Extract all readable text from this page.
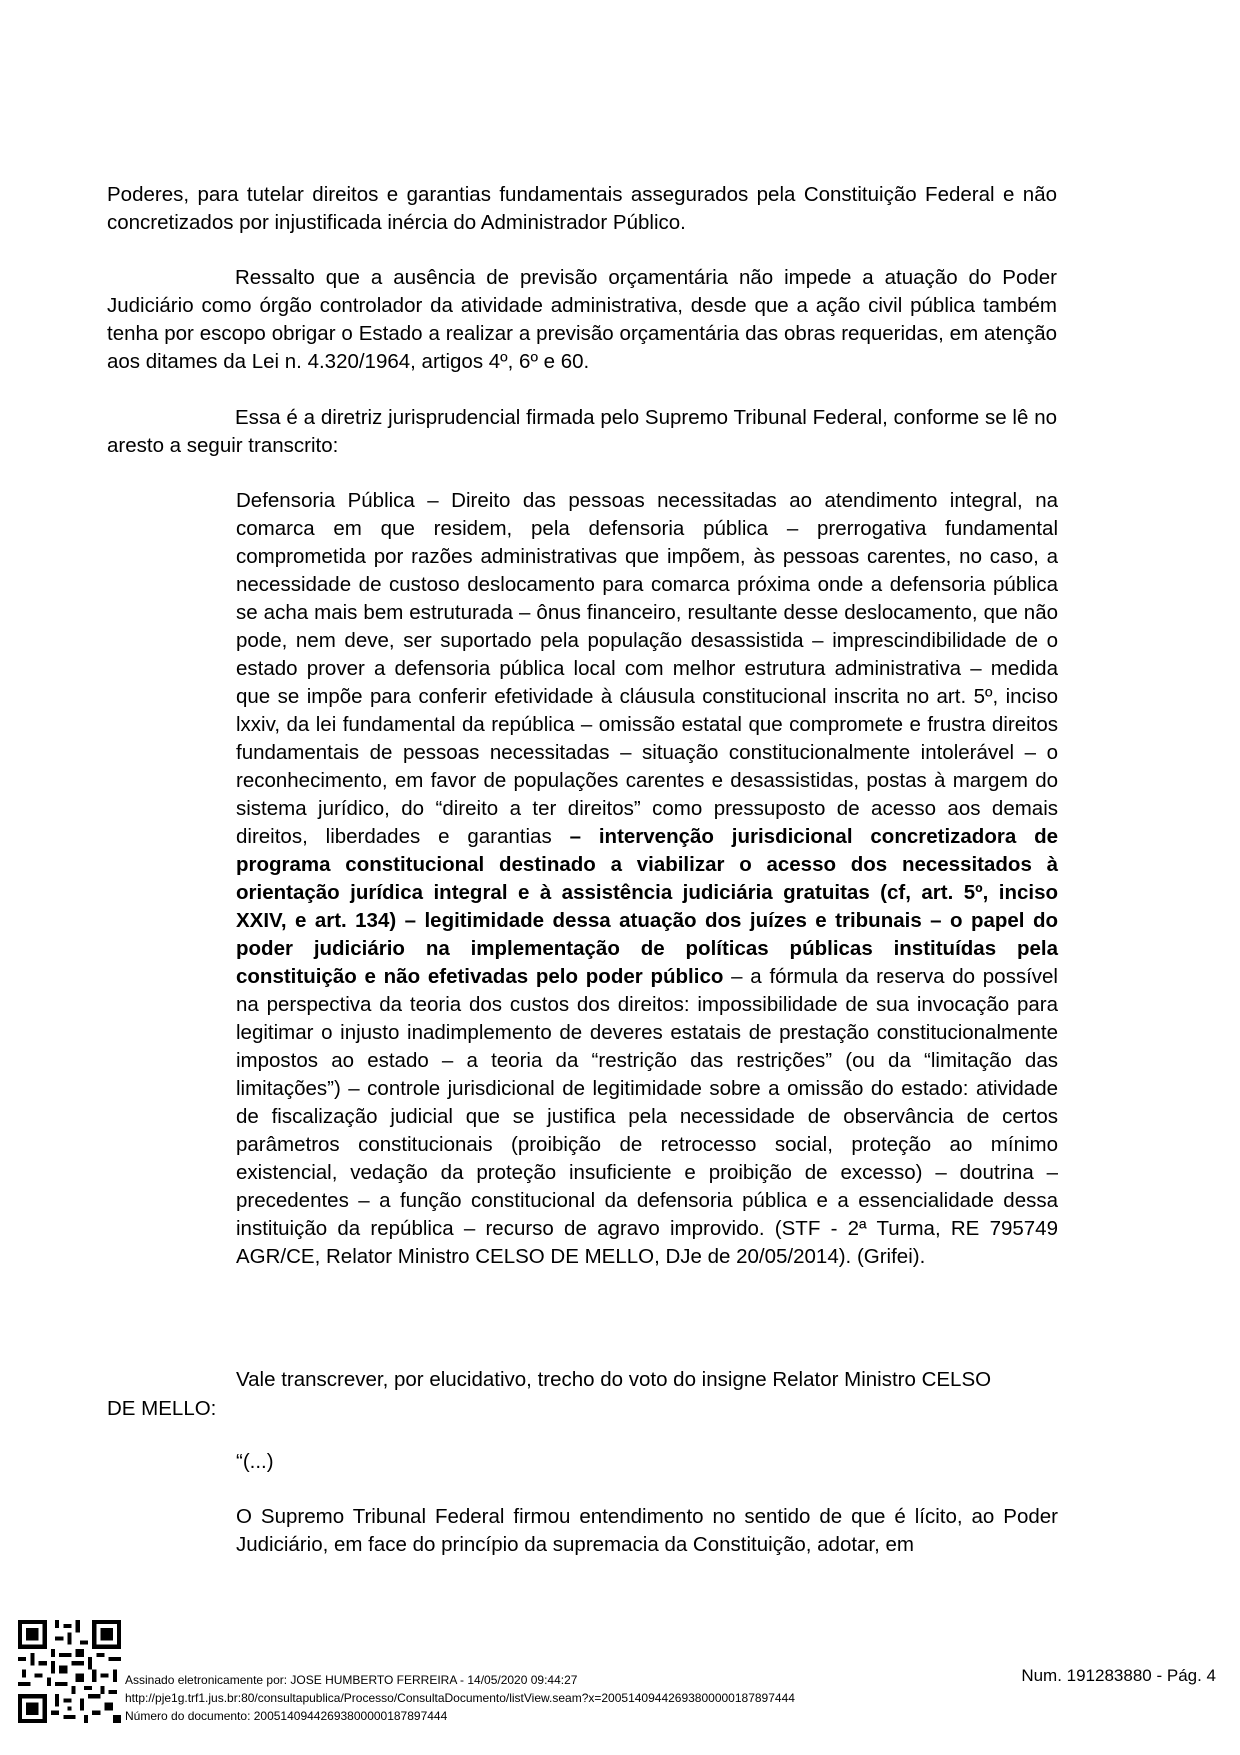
Poderes, para tutelar direitos e garantias fundamentais assegurados pela Constituição Federal e não concretizados por injustificada inércia do Administrador Público.
Ressalto que a ausência de previsão orçamentária não impede a atuação do Poder Judiciário como órgão controlador da atividade administrativa, desde que a ação civil pública também tenha por escopo obrigar o Estado a realizar a previsão orçamentária das obras requeridas, em atenção aos ditames da Lei n. 4.320/1964, artigos 4º, 6º e 60.
Essa é a diretriz jurisprudencial firmada pelo Supremo Tribunal Federal, conforme se lê no aresto a seguir transcrito:
Defensoria Pública – Direito das pessoas necessitadas ao atendimento integral, na comarca em que residem, pela defensoria pública – prerrogativa fundamental comprometida por razões administrativas que impõem, às pessoas carentes, no caso, a necessidade de custoso deslocamento para comarca próxima onde a defensoria pública se acha mais bem estruturada – ônus financeiro, resultante desse deslocamento, que não pode, nem deve, ser suportado pela população desassistida – imprescindibilidade de o estado prover a defensoria pública local com melhor estrutura administrativa – medida que se impõe para conferir efetividade à cláusula constitucional inscrita no art. 5º, inciso lxxiv, da lei fundamental da república – omissão estatal que compromete e frustra direitos fundamentais de pessoas necessitadas – situação constitucionalmente intolerável – o reconhecimento, em favor de populações carentes e desassistidas, postas à margem do sistema jurídico, do “direito a ter direitos” como pressuposto de acesso aos demais direitos, liberdades e garantias – intervenção jurisdicional concretizadora de programa constitucional destinado a viabilizar o acesso dos necessitados à orientação jurídica integral e à assistência judiciária gratuitas (cf, art. 5º, inciso XXIV, e art. 134) – legitimidade dessa atuação dos juízes e tribunais – o papel do poder judiciário na implementação de políticas públicas instituídas pela constituição e não efetivadas pelo poder público – a fórmula da reserva do possível na perspectiva da teoria dos custos dos direitos: impossibilidade de sua invocação para legitimar o injusto inadimplemento de deveres estatais de prestação constitucionalmente impostos ao estado – a teoria da “restrição das restrições” (ou da “limitação das limitações”) – controle jurisdicional de legitimidade sobre a omissão do estado: atividade de fiscalização judicial que se justifica pela necessidade de observância de certos parâmetros constitucionais (proibição de retrocesso social, proteção ao mínimo existencial, vedação da proteção insuficiente e proibição de excesso) – doutrina – precedentes – a função constitucional da defensoria pública e a essencialidade dessa instituição da república – recurso de agravo improvido. (STF - 2ª Turma, RE 795749 AGR/CE, Relator Ministro CELSO DE MELLO, DJe de 20/05/2014). (Grifei).
Vale transcrever, por elucidativo, trecho do voto do insigne Relator Ministro CELSO
DE MELLO:
“(...)
O Supremo Tribunal Federal firmou entendimento no sentido de que é lícito, ao Poder Judiciário, em face do princípio da supremacia da Constituição, adotar, em
Assinado eletronicamente por: JOSE HUMBERTO FERREIRA - 14/05/2020 09:44:27
http://pje1g.trf1.jus.br:80/consultapublica/Processo/ConsultaDocumento/listView.seam?x=20051409442693800000187897444
Número do documento: 20051409442693800000187897444
Num. 191283880 - Pág. 4
